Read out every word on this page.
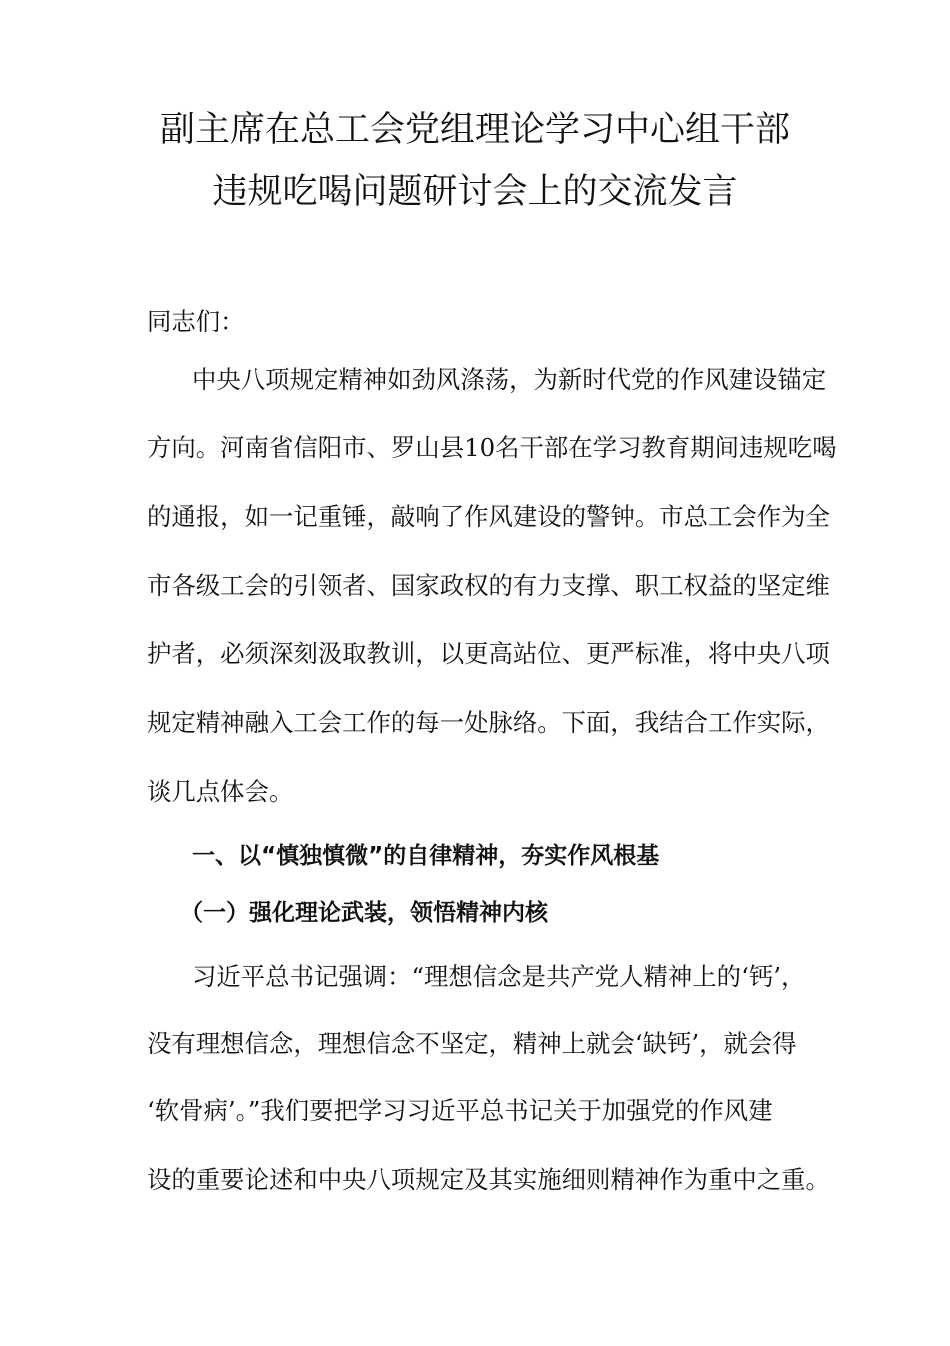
副主席在总工会党组理论学习中心组干部
违规吃喝问题研讨会上的交流发言
同志们：
中央八项规定精神如劲风涤荡，为新时代党的作风建设锚定
方向。河南省信阳市、罗山县10名干部在学习教育期间违规吃喝
的通报，如一记重锤，敲响了作风建设的警钟。市总工会作为全
市各级工会的引领者、国家政权的有力支撑、职工权益的坚定维
护者，必须深刻汲取教训，以更高站位、更严标准，将中央八项
规定精神融入工会工作的每一处脉络。下面，我结合工作实际，
谈几点体会。
一、以“慎独慎微”的自律精神，夯实作风根基
（一）强化理论武装，领悟精神内核
习近平总书记强调：“理想信念是共产党人精神上的‘钙’，
没有理想信念，理想信念不坚定，精神上就会‘缺钙’，就会得
‘软骨病’。”我们要把学习习近平总书记关于加强党的作风建
设的重要论述和中央八项规定及其实施细则精神作为重中之重。
